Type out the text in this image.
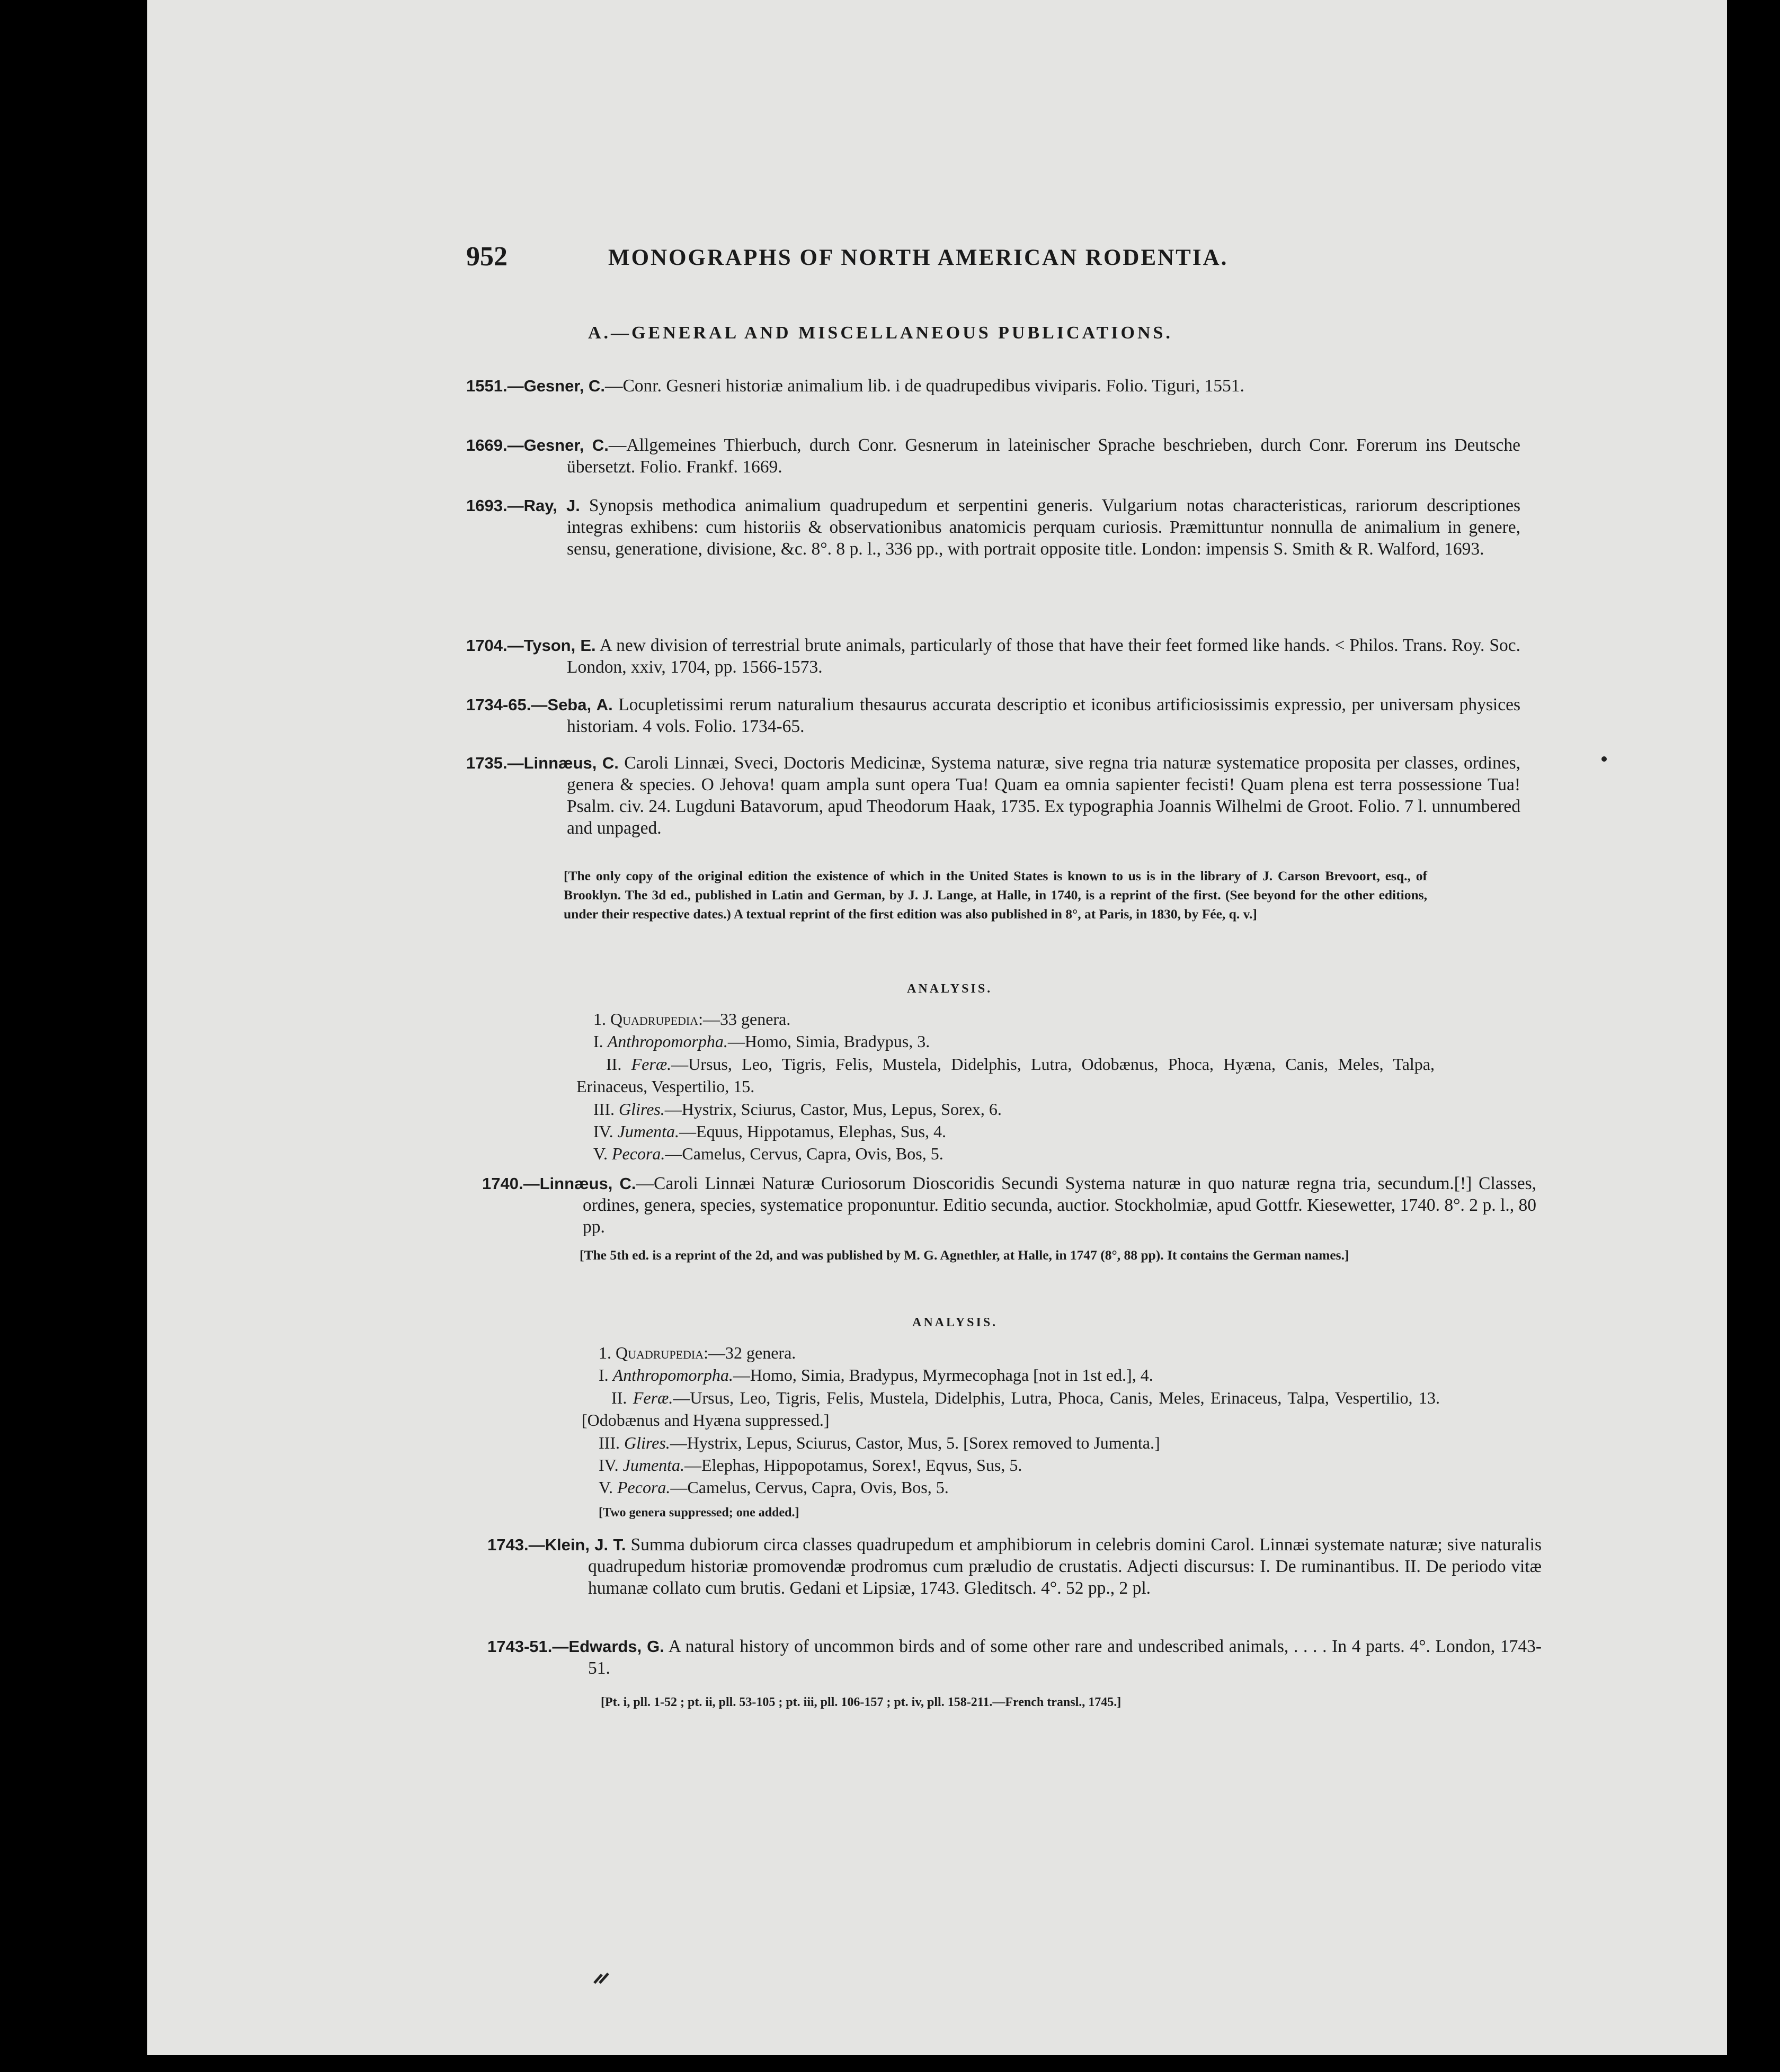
952	MONOGRAPHS OF NORTH AMERICAN RODENTIA.
A.—GENERAL AND MISCELLANEOUS PUBLICATIONS.
1551.—Gesner, C.—Conr. Gesneri historiæ animalium lib. i de quadrupedibus viviparis. Folio. Tiguri, 1551.
1669.—Gesner, C.—Allgemeines Thierbuch, durch Conr. Gesnerum in lateinischer Sprache beschrieben, durch Conr. Forerum ins Deutsche übersetzt. Folio. Frankf. 1669.
1693.—Ray, J. Synopsis methodica animalium quadrupedum et serpentini generis. Vulgarium notas characteristicas, rariorum descriptiones integras exhibens: cum historiis & observationibus anatomicis perquam curiosis. Præmittuntur nonnulla de animalium in genere, sensu, generatione, divisione, &c. 8°. 8 p. l., 336 pp., with portrait opposite title. London: impensis S. Smith & R. Walford, 1693.
1704.—Tyson, E. A new division of terrestrial brute animals, particularly of those that have their feet formed like hands. < Philos. Trans. Roy. Soc. London, xxiv, 1704, pp. 1566-1573.
1734-65.—Seba, A. Locupletissimi rerum naturalium thesaurus accurata descriptio et iconibus artificiosissimis expressio, per universam physices historiam. 4 vols. Folio. 1734-65.
1735.—Linnæus, C. Caroli Linnæi, Sveci, Doctoris Medicinæ, Systema naturæ, sive regna tria naturæ systematice proposita per classes, ordines, genera & species. O Jehova! quam ampla sunt opera Tua! Quam ea omnia sapienter fecisti! Quam plena est terra possessione Tua! Psalm. civ. 24. Lugduni Batavorum, apud Theodorum Haak, 1735. Ex typographia Joannis Wilhelmi de Groot. Folio. 7 l. unnumbered and unpaged.
[The only copy of the original edition the existence of which in the United States is known to us is in the library of J. Carson Brevoort, esq., of Brooklyn. The 3d ed., published in Latin and German, by J. J. Lange, at Halle, in 1740, is a reprint of the first. (See beyond for the other editions, under their respective dates.) A textual reprint of the first edition was also published in 8°, at Paris, in 1830, by Fée, q. v.]
ANALYSIS.
1. Quadrupedia:—33 genera.
I. Anthropomorpha.—Homo, Simia, Bradypus, 3.
II. Feræ.—Ursus, Leo, Tigris, Felis, Mustela, Didelphis, Lutra, Odobænus, Phoca, Hyæna, Canis, Meles, Talpa, Erinaceus, Vespertilio, 15.
III. Glires.—Hystrix, Sciurus, Castor, Mus, Lepus, Sorex, 6.
IV. Jumenta.—Equus, Hippotamus, Elephas, Sus, 4.
V. Pecora.—Camelus, Cervus, Capra, Ovis, Bos, 5.
1740.—Linnæus, C.—Caroli Linnæi Naturæ Curiosorum Dioscoridis Secundi Systema naturæ in quo naturæ regna tria, secundum.[!] Classes, ordines, genera, species, systematice proponuntur. Editio secunda, auctior. Stockholmiæ, apud Gottfr. Kiesewetter, 1740. 8°. 2 p. l., 80 pp.
[The 5th ed. is a reprint of the 2d, and was published by M. G. Agnethler, at Halle, in 1747 (8°, 88 pp). It contains the German names.]
ANALYSIS.
1. Quadrupedia:—32 genera.
I. Anthropomorpha.—Homo, Simia, Bradypus, Myrmecophaga [not in 1st ed.], 4.
II. Feræ.—Ursus, Leo, Tigris, Felis, Mustela, Didelphis, Lutra, Phoca, Canis, Meles, Erinaceus, Talpa, Vespertilio, 13. [Odobænus and Hyæna suppressed.]
III. Glires.—Hystrix, Lepus, Sciurus, Castor, Mus, 5. [Sorex removed to Jumenta.]
IV. Jumenta.—Elephas, Hippopotamus, Sorex!, Eqvus, Sus, 5.
V. Pecora.—Camelus, Cervus, Capra, Ovis, Bos, 5.
[Two genera suppressed; one added.]
1743.—Klein, J. T. Summa dubiorum circa classes quadrupedum et amphibiorum in celebris domini Carol. Linnæi systemate naturæ; sive naturalis quadrupedum historiæ promovendæ prodromus cum præludio de crustatis. Adjecti discursus: I. De ruminantibus. II. De periodo vitæ humanæ collato cum brutis. Gedani et Lipsiæ, 1743. Gleditsch. 4°. 52 pp., 2 pl.
1743-51.—Edwards, G. A natural history of uncommon birds and of some other rare and undescribed animals, . . . . In 4 parts. 4°. London, 1743-51.
[Pt. i, pll. 1-52 ; pt. ii, pll. 53-105 ; pt. iii, pll. 106-157 ; pt. iv, pll. 158-211.—French transl., 1745.]
